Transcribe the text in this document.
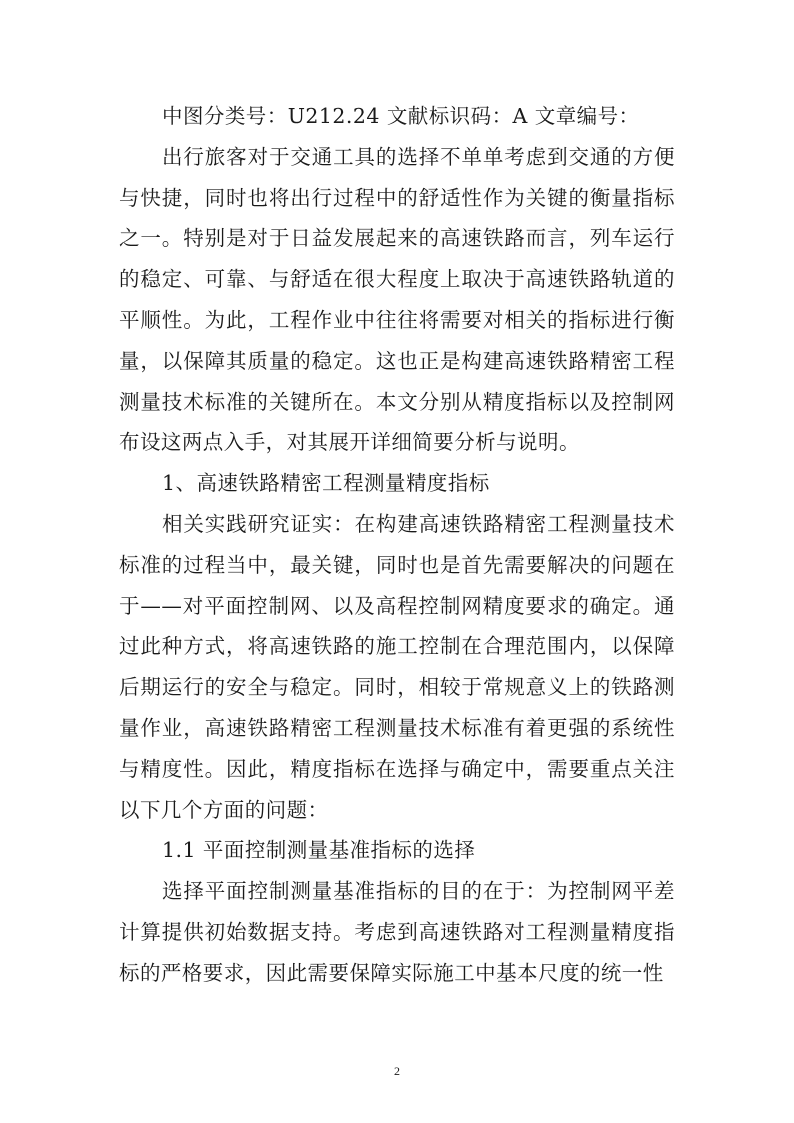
中图分类号：U212.24 文献标识码：A 文章编号：

出行旅客对于交通工具的选择不单单考虑到交通的方便与快捷，同时也将出行过程中的舒适性作为关键的衡量指标之一。特别是对于日益发展起来的高速铁路而言，列车运行的稳定、可靠、与舒适在很大程度上取决于高速铁路轨道的平顺性。为此，工程作业中往往将需要对相关的指标进行衡量，以保障其质量的稳定。这也正是构建高速铁路精密工程测量技术标准的关键所在。本文分别从精度指标以及控制网布设这两点入手，对其展开详细简要分析与说明。

1、高速铁路精密工程测量精度指标

相关实践研究证实：在构建高速铁路精密工程测量技术标准的过程当中，最关键，同时也是首先需要解决的问题在于——对平面控制网、以及高程控制网精度要求的确定。通过此种方式，将高速铁路的施工控制在合理范围内，以保障后期运行的安全与稳定。同时，相较于常规意义上的铁路测量作业，高速铁路精密工程测量技术标准有着更强的系统性与精度性。因此，精度指标在选择与确定中，需要重点关注以下几个方面的问题：

1.1 平面控制测量基准指标的选择

选择平面控制测量基准指标的目的在于：为控制网平差计算提供初始数据支持。考虑到高速铁路对工程测量精度指标的严格要求，因此需要保障实际施工中基本尺度的统一性

2
